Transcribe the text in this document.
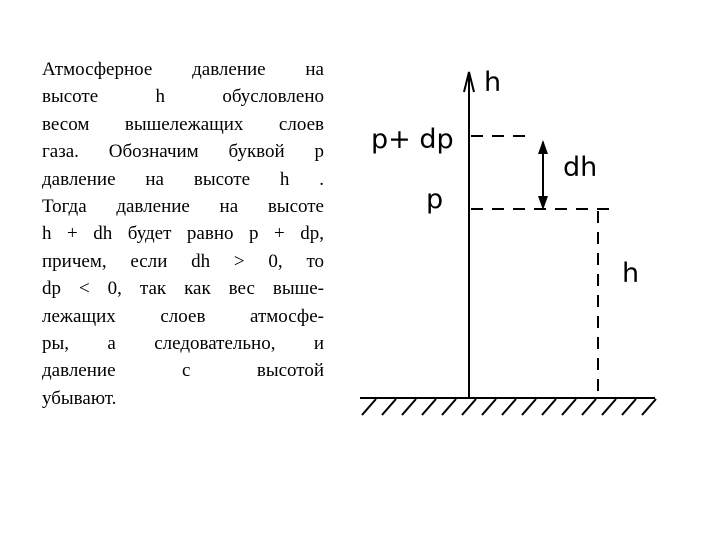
Атмосферное давление на
высоте h обусловлено
весом вышележащих слоев
газа. Обозначим буквой p
давление на высоте h .
Тогда давление на высоте
h + dh будет равно p + dp,
причем, если dh > 0, то
dp < 0, так как вес выше-
лежащих слоев атмосфе-
ры, а следовательно, и
давление с высотой
убывают.
h
p+ dp
p
dh
h
